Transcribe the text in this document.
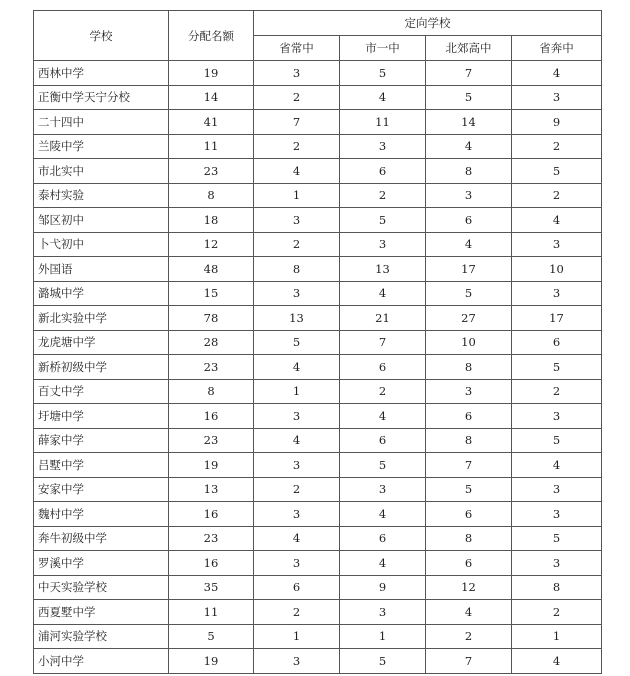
学校	分配名额	定向学校			
		省常中	市一中	北郊高中	省奔中
西林中学	19	3	5	7	4
正衡中学天宁分校	14	2	4	5	3
二十四中	41	7	11	14	9
兰陵中学	11	2	3	4	2
市北实中	23	4	6	8	5
泰村实验	8	1	2	3	2
邹区初中	18	3	5	6	4
卜弋初中	12	2	3	4	3
外国语	48	8	13	17	10
潞城中学	15	3	4	5	3
新北实验中学	78	13	21	27	17
龙虎塘中学	28	5	7	10	6
新桥初级中学	23	4	6	8	5
百丈中学	8	1	2	3	2
圩塘中学	16	3	4	6	3
薛家中学	23	4	6	8	5
吕墅中学	19	3	5	7	4
安家中学	13	2	3	5	3
魏村中学	16	3	4	6	3
奔牛初级中学	23	4	6	8	5
罗溪中学	16	3	4	6	3
中天实验学校	35	6	9	12	8
西夏墅中学	11	2	3	4	2
浦河实验学校	5	1	1	2	1
小河中学	19	3	5	7	4
